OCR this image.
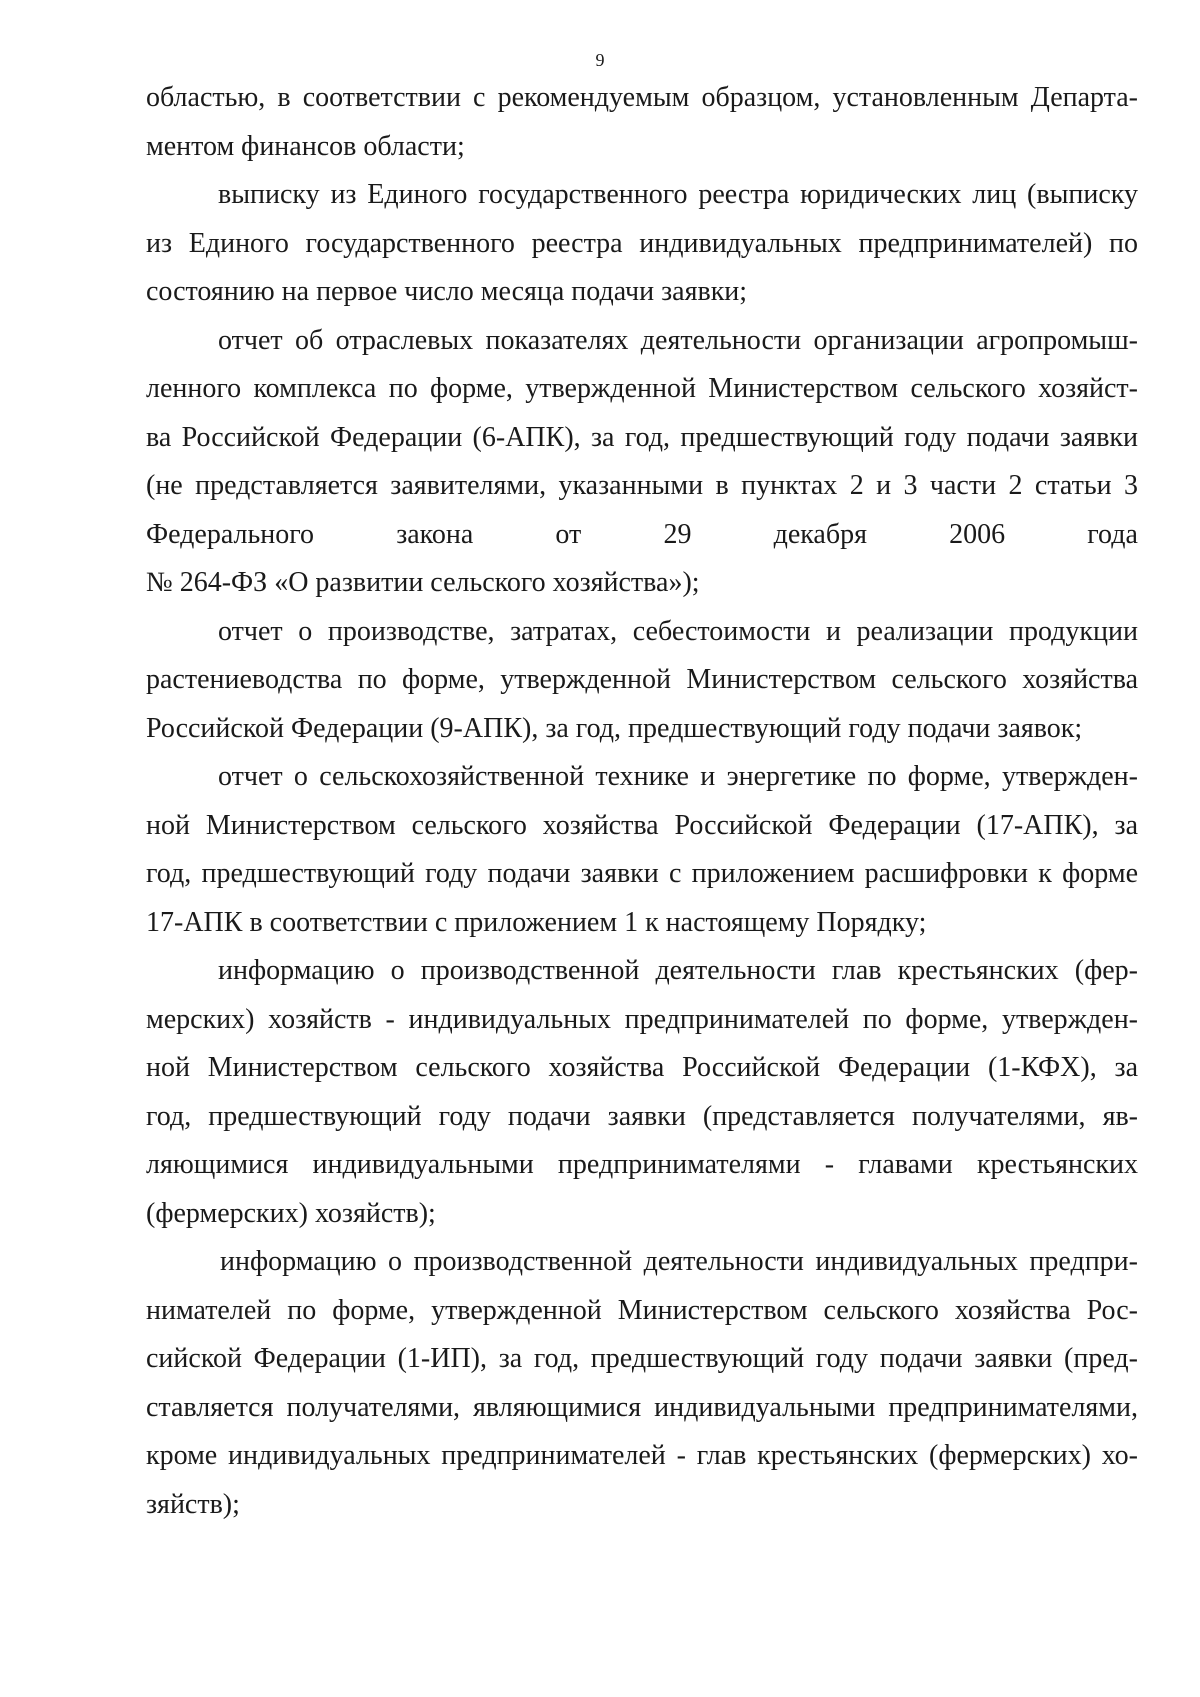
9

областью, в соответствии с рекомендуемым образцом, установленным Департа-
ментом финансов области;

выписку из Единого государственного реестра юридических лиц (выписку
из Единого государственного реестра индивидуальных предпринимателей) по
состоянию на первое число месяца подачи заявки;

отчет об отраслевых показателях деятельности организации агропромыш-
ленного комплекса по форме, утвержденной Министерством сельского хозяйст-
ва Российской Федерации (6-АПК), за год, предшествующий году подачи заявки
(не представляется заявителями, указанными в пунктах 2 и 3 части 2 статьи 3
Федерального	закона	от	29	декабря	2006	года
№ 264-ФЗ «О развитии сельского хозяйства»);

отчет о производстве, затратах, себестоимости и реализации продукции
растениеводства по форме, утвержденной Министерством сельского хозяйства
Российской Федерации (9-АПК), за год, предшествующий году подачи заявок;

отчет о сельскохозяйственной технике и энергетике по форме, утвержден-
ной Министерством сельского хозяйства Российской Федерации (17-АПК), за
год, предшествующий году подачи заявки с приложением расшифровки к форме
17-АПК в соответствии с приложением 1 к настоящему Порядку;

информацию о производственной деятельности глав крестьянских (фер-
мерских) хозяйств - индивидуальных предпринимателей по форме, утвержден-
ной Министерством сельского хозяйства Российской Федерации (1-КФХ), за
год, предшествующий году подачи заявки (представляется получателями, яв-
ляющимися индивидуальными предпринимателями - главами крестьянских
(фермерских) хозяйств);

информацию о производственной деятельности индивидуальных предпри-
нимателей по форме, утвержденной Министерством сельского хозяйства Рос-
сийской Федерации (1-ИП), за год, предшествующий году подачи заявки (пред-
ставляется получателями, являющимися индивидуальными предпринимателями,
кроме индивидуальных предпринимателей - глав крестьянских (фермерских) хо-
зяйств);
